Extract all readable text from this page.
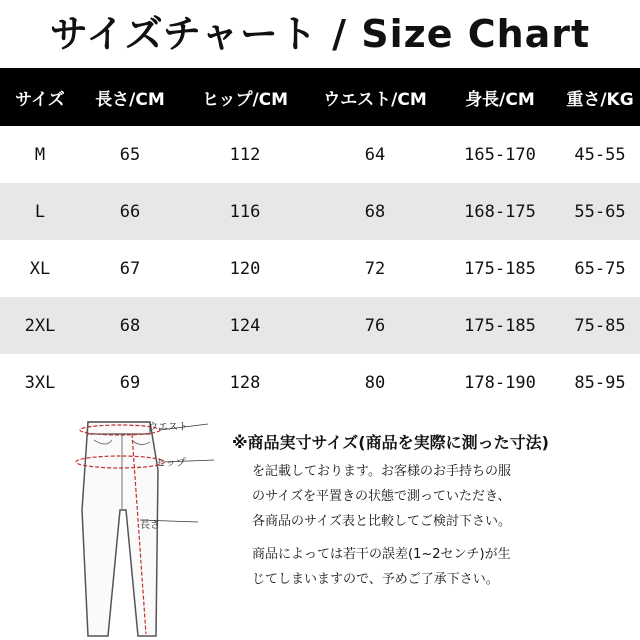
サイズチャート / Size Chart
サイズ	長さ/CM	ヒップ/CM	ウエスト/CM	身長/CM	重さ/KG
M	65	112	64	165-170	45-55
L	66	116	68	168-175	55-65
XL	67	120	72	175-185	65-75
2XL	68	124	76	175-185	75-85
3XL	69	128	80	178-190	85-95
ウエスト
ヒップ
長さ
※商品実寸サイズ(商品を実際に測った寸法)
を記載しております。お客様のお手持ちの服
のサイズを平置きの状態で測っていただき、
各商品のサイズ表と比較してご検討下さい。
商品によっては若干の誤差(1~2センチ)が生
じてしまいますので、予めご了承下さい。
